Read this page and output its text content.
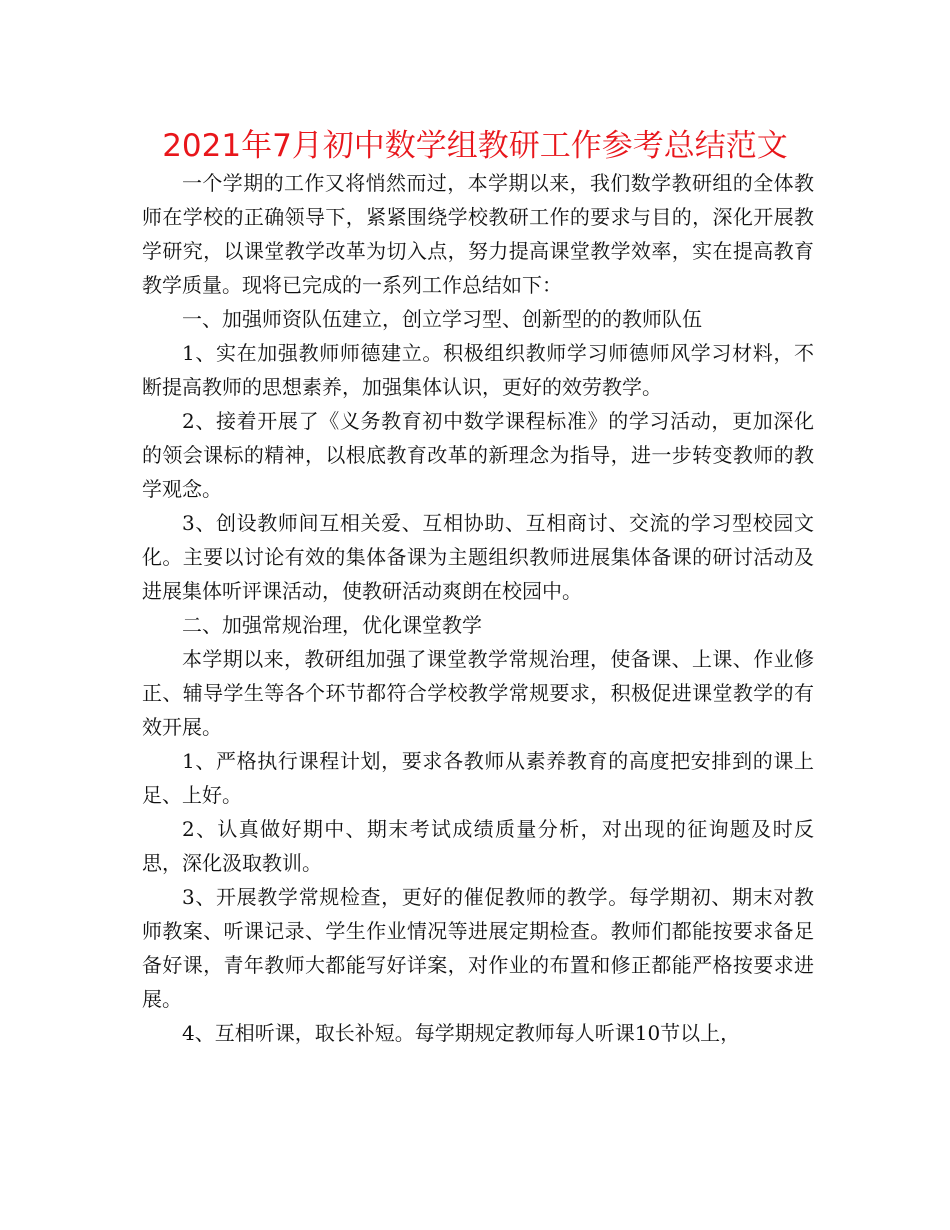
2021年7月初中数学组教研工作参考总结范文

一个学期的工作又将悄然而过，本学期以来，我们数学教研组的全体教师在学校的正确领导下，紧紧围绕学校教研工作的要求与目的，深化开展教学研究，以课堂教学改革为切入点，努力提高课堂教学效率，实在提高教育教学质量。现将已完成的一系列工作总结如下：

一、加强师资队伍建立，创立学习型、创新型的的教师队伍

1、实在加强教师师德建立。积极组织教师学习师德师风学习材料，不断提高教师的思想素养，加强集体认识，更好的效劳教学。

2、接着开展了《义务教育初中数学课程标准》的学习活动，更加深化的领会课标的精神，以根底教育改革的新理念为指导，进一步转变教师的教学观念。

3、创设教师间互相关爱、互相协助、互相商讨、交流的学习型校园文化。主要以讨论有效的集体备课为主题组织教师进展集体备课的研讨活动及进展集体听评课活动，使教研活动爽朗在校园中。

二、加强常规治理，优化课堂教学

本学期以来，教研组加强了课堂教学常规治理，使备课、上课、作业修正、辅导学生等各个环节都符合学校教学常规要求，积极促进课堂教学的有效开展。

1、严格执行课程计划，要求各教师从素养教育的高度把安排到的课上足、上好。

2、认真做好期中、期末考试成绩质量分析，对出现的征询题及时反思，深化汲取教训。

3、开展教学常规检查，更好的催促教师的教学。每学期初、期末对教师教案、听课记录、学生作业情况等进展定期检查。教师们都能按要求备足备好课，青年教师大都能写好详案，对作业的布置和修正都能严格按要求进展。

4、互相听课，取长补短。每学期规定教师每人听课10节以上，
